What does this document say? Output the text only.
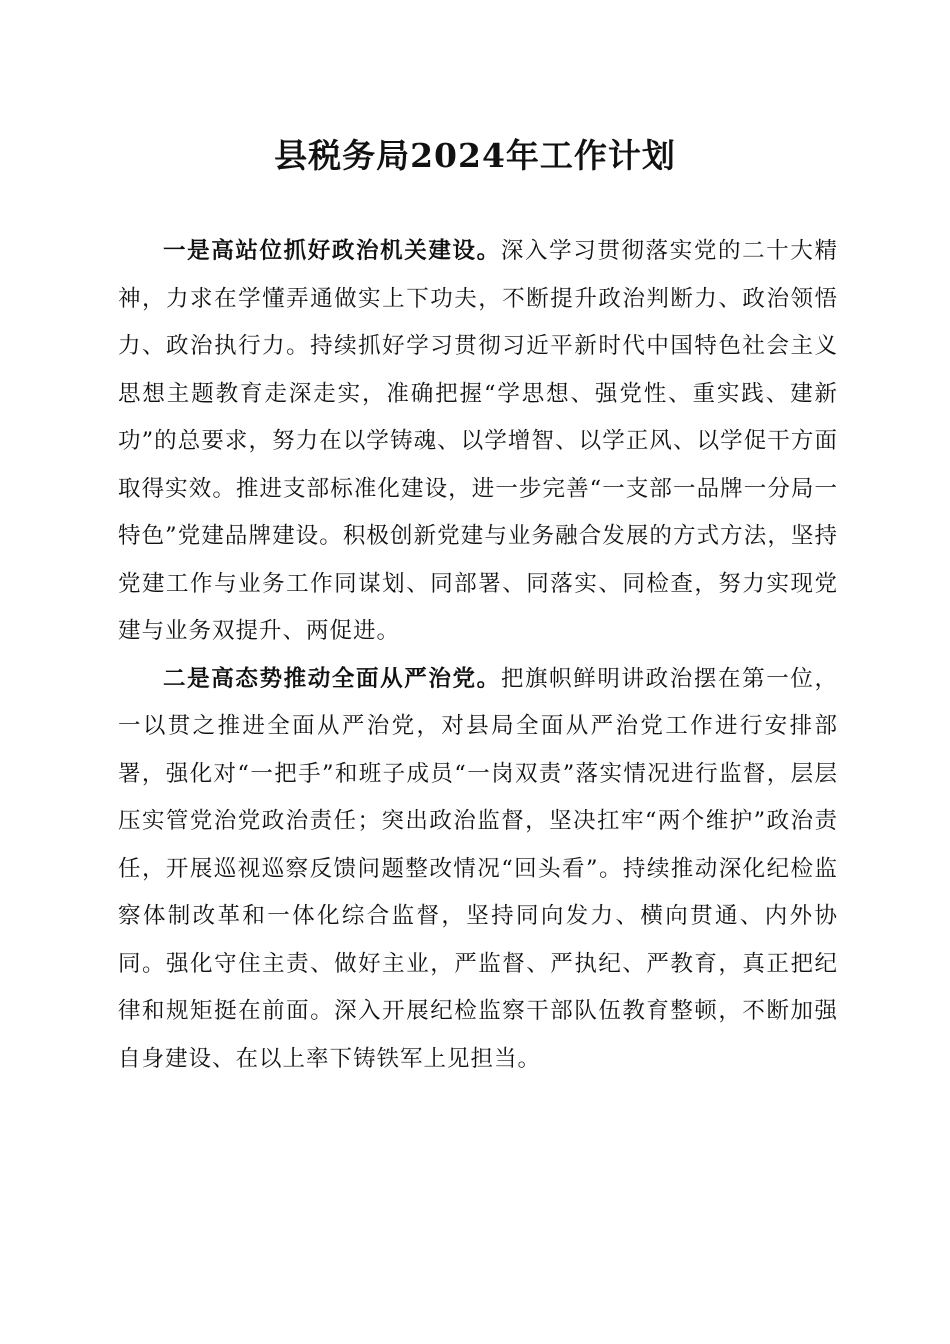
县税务局2024年工作计划

一是高站位抓好政治机关建设。深入学习贯彻落实党的二十大精神，力求在学懂弄通做实上下功夫，不断提升政治判断力、政治领悟力、政治执行力。持续抓好学习贯彻习近平新时代中国特色社会主义思想主题教育走深走实，准确把握“学思想、强党性、重实践、建新功”的总要求，努力在以学铸魂、以学增智、以学正风、以学促干方面取得实效。推进支部标准化建设，进一步完善“一支部一品牌一分局一特色”党建品牌建设。积极创新党建与业务融合发展的方式方法，坚持党建工作与业务工作同谋划、同部署、同落实、同检查，努力实现党建与业务双提升、两促进。

二是高态势推动全面从严治党。把旗帜鲜明讲政治摆在第一位，一以贯之推进全面从严治党，对县局全面从严治党工作进行安排部署，强化对“一把手”和班子成员“一岗双责”落实情况进行监督，层层压实管党治党政治责任；突出政治监督，坚决扛牢“两个维护”政治责任，开展巡视巡察反馈问题整改情况“回头看”。持续推动深化纪检监察体制改革和一体化综合监督，坚持同向发力、横向贯通、内外协同。强化守住主责、做好主业，严监督、严执纪、严教育，真正把纪律和规矩挺在前面。深入开展纪检监察干部队伍教育整顿，不断加强自身建设、在以上率下铸铁军上见担当。
